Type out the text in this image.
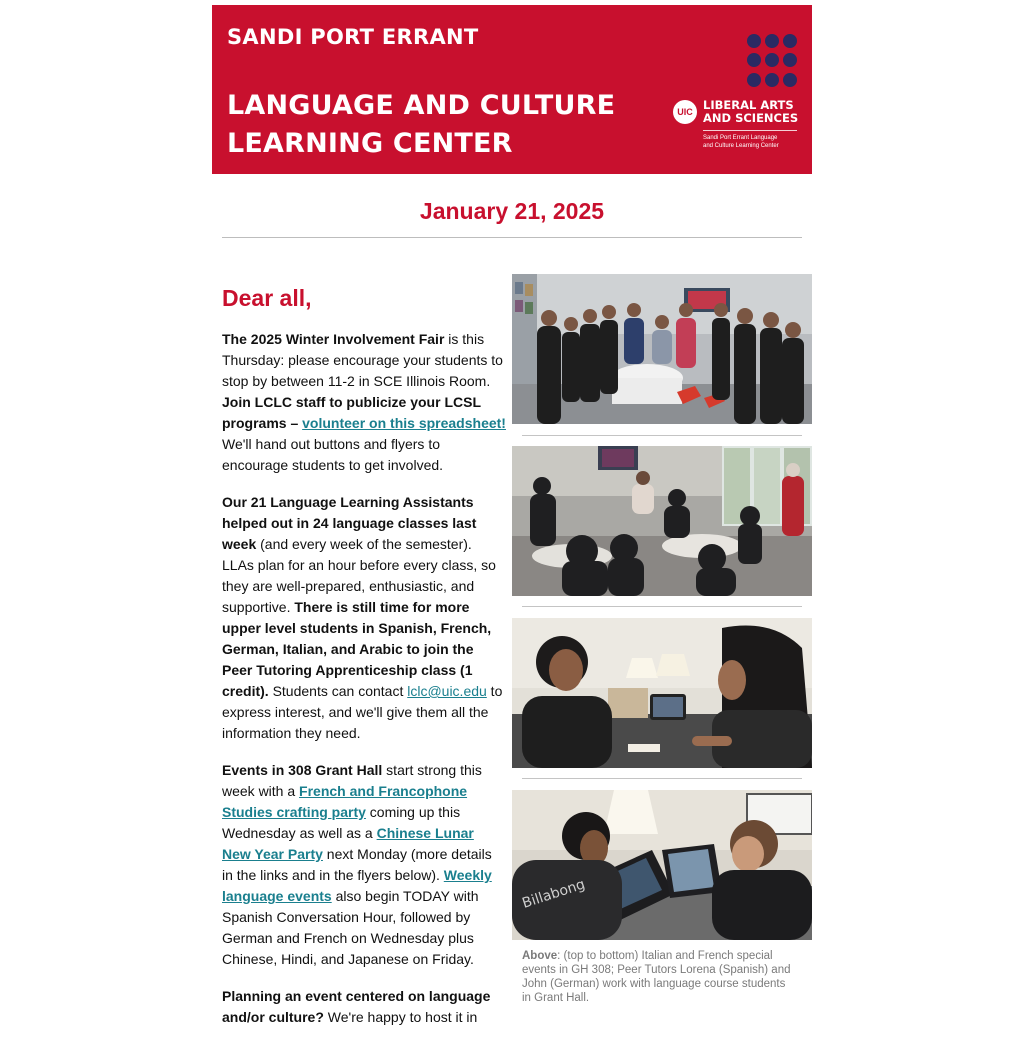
SANDI PORT ERRANT
LANGUAGE AND CULTURE
LEARNING CENTER
UIC LIBERAL ARTS
AND SCIENCES
Sandi Port Errant Language
and Culture Learning Center
January 21, 2025
Dear all,

The 2025 Winter Involvement Fair is this Thursday: please encourage your students to stop by between 11-2 in SCE Illinois Room. Join LCLC staff to publicize your LCSL programs – volunteer on this spreadsheet! We'll hand out buttons and flyers to encourage students to get involved.

Our 21 Language Learning Assistants helped out in 24 language classes last week (and every week of the semester). LLAs plan for an hour before every class, so they are well-prepared, enthusiastic, and supportive. There is still time for more upper level students in Spanish, French, German, Italian, and Arabic to join the Peer Tutoring Apprenticeship class (1 credit). Students can contact lclc@uic.edu to express interest, and we'll give them all the information they need.

Events in 308 Grant Hall start strong this week with a French and Francophone Studies crafting party coming up this Wednesday as well as a Chinese Lunar New Year Party next Monday (more details in the links and in the flyers below). Weekly language events also begin TODAY with Spanish Conversation Hour, followed by German and French on Wednesday plus Chinese, Hindi, and Japanese on Friday.

Planning an event centered on language and/or culture? We're happy to host it in

Billabong
Above: (top to bottom) Italian and French special events in GH 308; Peer Tutors Lorena (Spanish) and John (German) work with language course students in Grant Hall.
